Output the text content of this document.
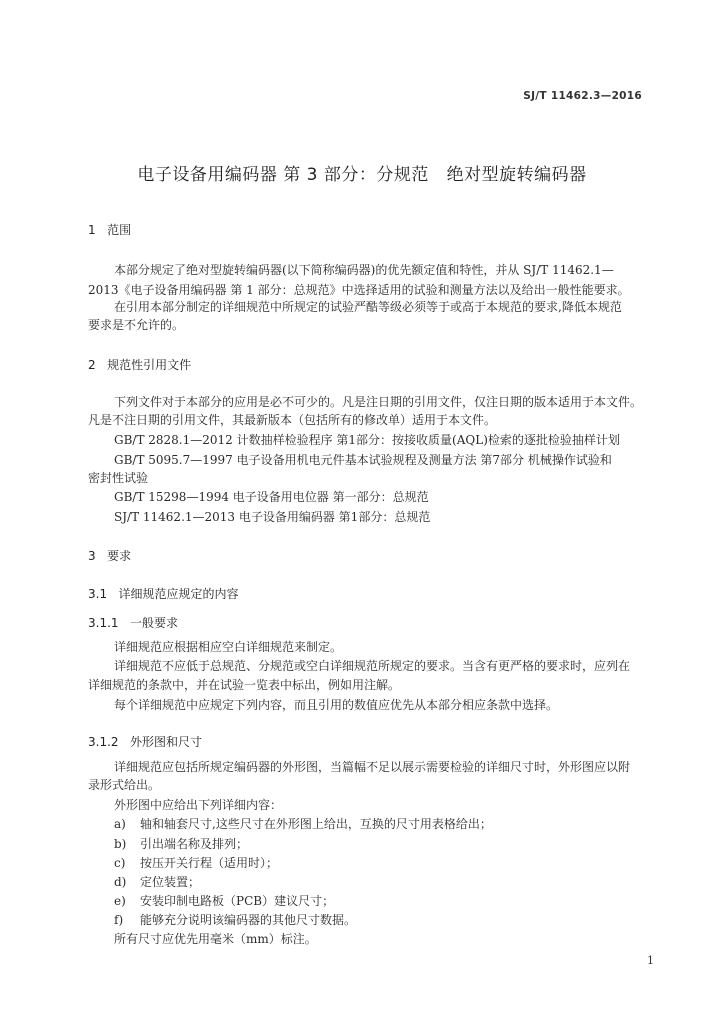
SJ/T 11462.3—2016
电子设备用编码器 第 3 部分：分规范   绝对型旋转编码器
1   范围
本部分规定了绝对型旋转编码器(以下简称编码器)的优先额定值和特性，并从 SJ/T 11462.1—
2013《电子设备用编码器 第 1 部分：总规范》中选择适用的试验和测量方法以及给出一般性能要求。
在引用本部分制定的详细规范中所规定的试验严酷等级必须等于或高于本规范的要求,降低本规范
要求是不允许的。
2   规范性引用文件
下列文件对于本部分的应用是必不可少的。凡是注日期的引用文件，仅注日期的版本适用于本文件。
凡是不注日期的引用文件，其最新版本（包括所有的修改单）适用于本文件。
GB/T 2828.1—2012 计数抽样检验程序 第1部分：按接收质量(AQL)检索的逐批检验抽样计划
GB/T 5095.7—1997 电子设备用机电元件基本试验规程及测量方法 第7部分 机械操作试验和
密封性试验
GB/T 15298—1994 电子设备用电位器 第一部分：总规范
SJ/T 11462.1—2013 电子设备用编码器 第1部分：总规范
3   要求
3.1   详细规范应规定的内容
3.1.1   一般要求
详细规范应根据相应空白详细规范来制定。
详细规范不应低于总规范、分规范或空白详细规范所规定的要求。当含有更严格的要求时，应列在
详细规范的条款中，并在试验一览表中标出，例如用注解。
每个详细规范中应规定下列内容，而且引用的数值应优先从本部分相应条款中选择。
3.1.2   外形图和尺寸
详细规范应包括所规定编码器的外形图，当篇幅不足以展示需要检验的详细尺寸时，外形图应以附
录形式给出。
外形图中应给出下列详细内容：
a) 轴和轴套尺寸,这些尺寸在外形图上给出，互换的尺寸用表格给出；
b) 引出端名称及排列；
c) 按压开关行程（适用时）；
d) 定位装置；
e) 安装印制电路板（PCB）建议尺寸；
f) 能够充分说明该编码器的其他尺寸数据。
所有尺寸应优先用毫米（mm）标注。
1
